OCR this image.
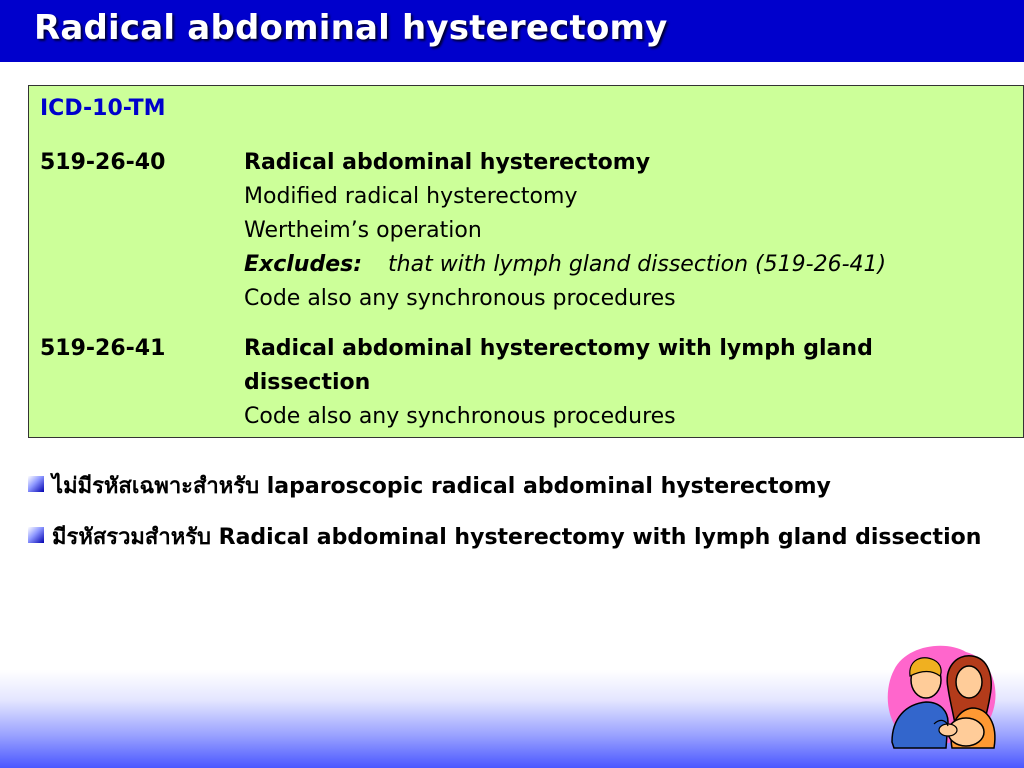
Radical abdominal hysterectomy
ICD-10-TM
519-26-40	Radical abdominal hysterectomy
Modified radical hysterectomy
Wertheim’s operation
Excludes: that with lymph gland dissection (519-26-41)
Code also any synchronous procedures
519-26-41	Radical abdominal hysterectomy with lymph gland dissection
Code also any synchronous procedures
ไม่มีรหัสเฉพาะสำหรับ laparoscopic radical abdominal hysterectomy
มีรหัสรวมสำหรับ Radical abdominal hysterectomy with lymph gland dissection
